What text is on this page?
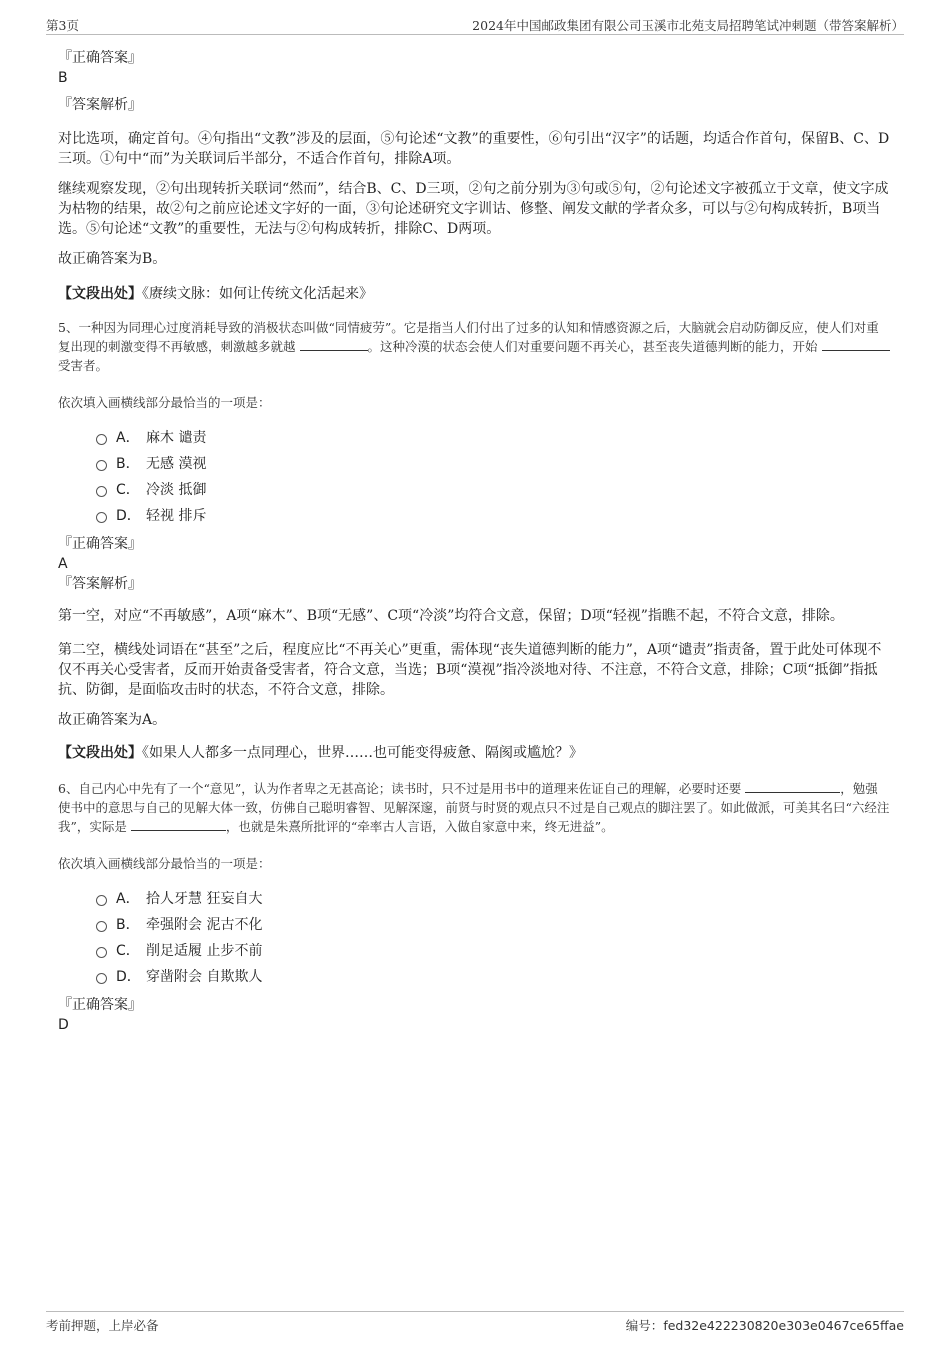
第3页	2024年中国邮政集团有限公司玉溪市北苑支局招聘笔试冲刺题（带答案解析）
『正确答案』
B
『答案解析』

对比选项，确定首句。④句指出“文教”涉及的层面，⑤句论述“文教”的重要性，⑥句引出“汉字”的话题，均适合作首句，保留B、C、D三项。①句中“而”为关联词后半部分，不适合作首句，排除A项。

继续观察发现，②句出现转折关联词“然而”，结合B、C、D三项，②句之前分别为③句或⑤句，②句论述文字被孤立于文章，使文字成为枯物的结果，故②句之前应论述文字好的一面，③句论述研究文字训诂、修整、阐发文献的学者众多，可以与②句构成转折，B项当选。⑤句论述“文教”的重要性，无法与②句构成转折，排除C、D两项。

故正确答案为B。

【文段出处】《赓续文脉：如何让传统文化活起来》
5、一种因为同理心过度消耗导致的消极状态叫做“同情疲劳”。它是指当人们付出了过多的认知和情感资源之后，大脑就会启动防御反应，使人们对重复出现的刺激变得不再敏感，刺激越多就越	。这种冷漠的状态会使人们对重要问题不再关心，甚至丧失道德判断的能力，开始 受害者。
依次填入画横线部分最恰当的一项是：
A． 麻木 谴责
B． 无感 漠视
C． 冷淡 抵御
D． 轻视 排斥
『正确答案』
A
『答案解析』

第一空，对应“不再敏感”，A项“麻木”、B项“无感”、C项“冷淡”均符合文意，保留；D项“轻视”指瞧不起，不符合文意，排除。

第二空，横线处词语在“甚至”之后，程度应比“不再关心”更重，需体现“丧失道德判断的能力”，A项“谴责”指责备，置于此处可体现不仅不再关心受害者，反而开始责备受害者，符合文意，当选；B项“漠视”指冷淡地对待、不注意，不符合文意，排除；C项“抵御”指抵抗、防御，是面临攻击时的状态，不符合文意，排除。

故正确答案为A。

【文段出处】《如果人人都多一点同理心，世界……也可能变得疲惫、隔阂或尴尬？》
6、自己内心中先有了一个“意见”，认为作者卑之无甚高论；读书时，只不过是用书中的道理来佐证自己的理解，必要时还要	，勉强使书中的意思与自己的见解大体一致，仿佛自己聪明睿智、见解深邃，前贤与时贤的观点只不过是自己观点的脚注罢了。如此做派，可美其名曰“六经注我”，实际是	，也就是朱熹所批评的“牵率古人言语，入做自家意中来，终无进益”。
依次填入画横线部分最恰当的一项是：
A． 拾人牙慧 狂妄自大
B． 牵强附会 泥古不化
C． 削足适履 止步不前
D． 穿凿附会 自欺欺人
『正确答案』
D
考前押题，上岸必备	编号：fed32e422230820e303e0467ce65ffae
